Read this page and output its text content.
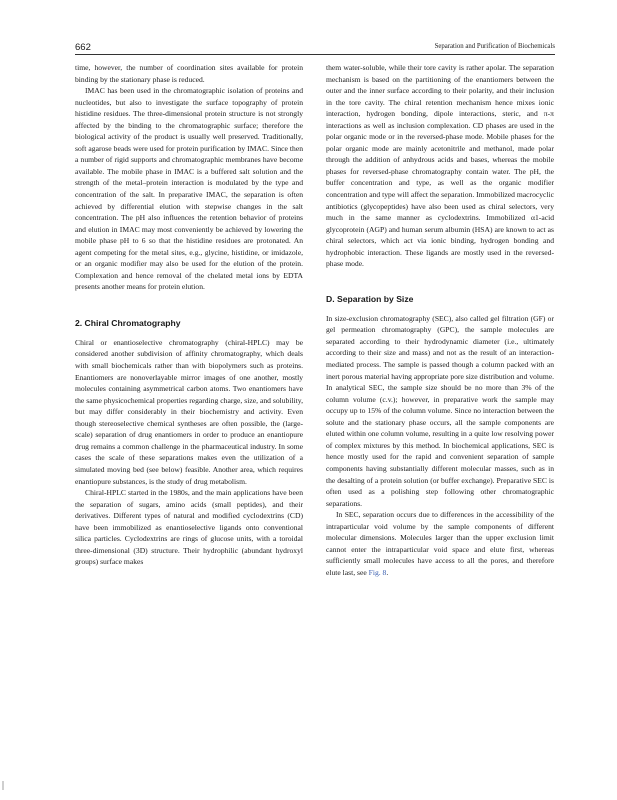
662	Separation and Purification of Biochemicals

time, however, the number of coordination sites available for protein binding by the stationary phase is reduced.

IMAC has been used in the chromatographic isolation of proteins and nucleotides, but also to investigate the surface topography of protein histidine residues. The three-dimensional protein structure is not strongly affected by the binding to the chromatographic surface; therefore the biological activity of the product is usually well preserved. Traditionally, soft agarose beads were used for protein purification by IMAC. Since then a number of rigid supports and chromatographic membranes have become available. The mobile phase in IMAC is a buffered salt solution and the strength of the metal–protein interaction is modulated by the type and concentration of the salt. In preparative IMAC, the separation is often achieved by differential elution with stepwise changes in the salt concentration. The pH also influences the retention behavior of proteins and elution in IMAC may most conveniently be achieved by lowering the mobile phase pH to 6 so that the histidine residues are protonated. An agent competing for the metal sites, e.g., glycine, histidine, or imidazole, or an organic modifier may also be used for the elution of the protein. Complexation and hence removal of the chelated metal ions by EDTA presents another means for protein elution.

2. Chiral Chromatography

Chiral or enantioselective chromatography (chiral-HPLC) may be considered another subdivision of affinity chromatography, which deals with small biochemicals rather than with biopolymers such as proteins. Enantiomers are nonoverlayable mirror images of one another, mostly molecules containing asymmetrical carbon atoms. Two enantiomers have the same physicochemical properties regarding charge, size, and solubility, but may differ considerably in their biochemistry and activity. Even though stereoselective chemical syntheses are often possible, the (large-scale) separation of drug enantiomers in order to produce an enantiopure drug remains a common challenge in the pharmaceutical industry. In some cases the scale of these separations makes even the utilization of a simulated moving bed (see below) feasible. Another area, which requires enantiopure substances, is the study of drug metabolism.

Chiral-HPLC started in the 1980s, and the main applications have been the separation of sugars, amino acids (small peptides), and their derivatives. Different types of natural and modified cyclodextrins (CD) have been immobilized as enantioselective ligands onto conventional silica particles. Cyclodextrins are rings of glucose units, with a toroidal three-dimensional (3D) structure. Their hydrophilic (abundant hydroxyl groups) surface makes

them water-soluble, while their tore cavity is rather apolar. The separation mechanism is based on the partitioning of the enantiomers between the outer and the inner surface according to their polarity, and their inclusion in the tore cavity. The chiral retention mechanism hence mixes ionic interaction, hydrogen bonding, dipole interactions, steric, and π-π interactions as well as inclusion complexation. CD phases are used in the polar organic mode or in the reversed-phase mode. Mobile phases for the polar organic mode are mainly acetonitrile and methanol, made polar through the addition of anhydrous acids and bases, whereas the mobile phases for reversed-phase chromatography contain water. The pH, the buffer concentration and type, as well as the organic modifier concentration and type will affect the separation. Immobilized macrocyclic antibiotics (glycopeptides) have also been used as chiral selectors, very much in the same manner as cyclodextrins. Immobilized α1-acid glycoprotein (AGP) and human serum albumin (HSA) are known to act as chiral selectors, which act via ionic binding, hydrogen bonding and hydrophobic interaction. These ligands are mostly used in the reversed-phase mode.

D. Separation by Size

In size-exclusion chromatography (SEC), also called gel filtration (GF) or gel permeation chromatography (GPC), the sample molecules are separated according to their hydrodynamic diameter (i.e., ultimately according to their size and mass) and not as the result of an interaction-mediated process. The sample is passed though a column packed with an inert porous material having appropriate pore size distribution and volume. In analytical SEC, the sample size should be no more than 3% of the column volume (c.v.); however, in preparative work the sample may occupy up to 15% of the column volume. Since no interaction between the solute and the stationary phase occurs, all the sample components are eluted within one column volume, resulting in a quite low resolving power of complex mixtures by this method. In biochemical applications, SEC is hence mostly used for the rapid and convenient separation of sample components having substantially different molecular masses, such as in the desalting of a protein solution (or buffer exchange). Preparative SEC is often used as a polishing step following other chromatographic separations.

In SEC, separation occurs due to differences in the accessibility of the intraparticular void volume by the sample components of different molecular dimensions. Molecules larger than the upper exclusion limit cannot enter the intraparticular void space and elute first, whereas sufficiently small molecules have access to all the pores, and therefore elute last, see Fig. 8.
